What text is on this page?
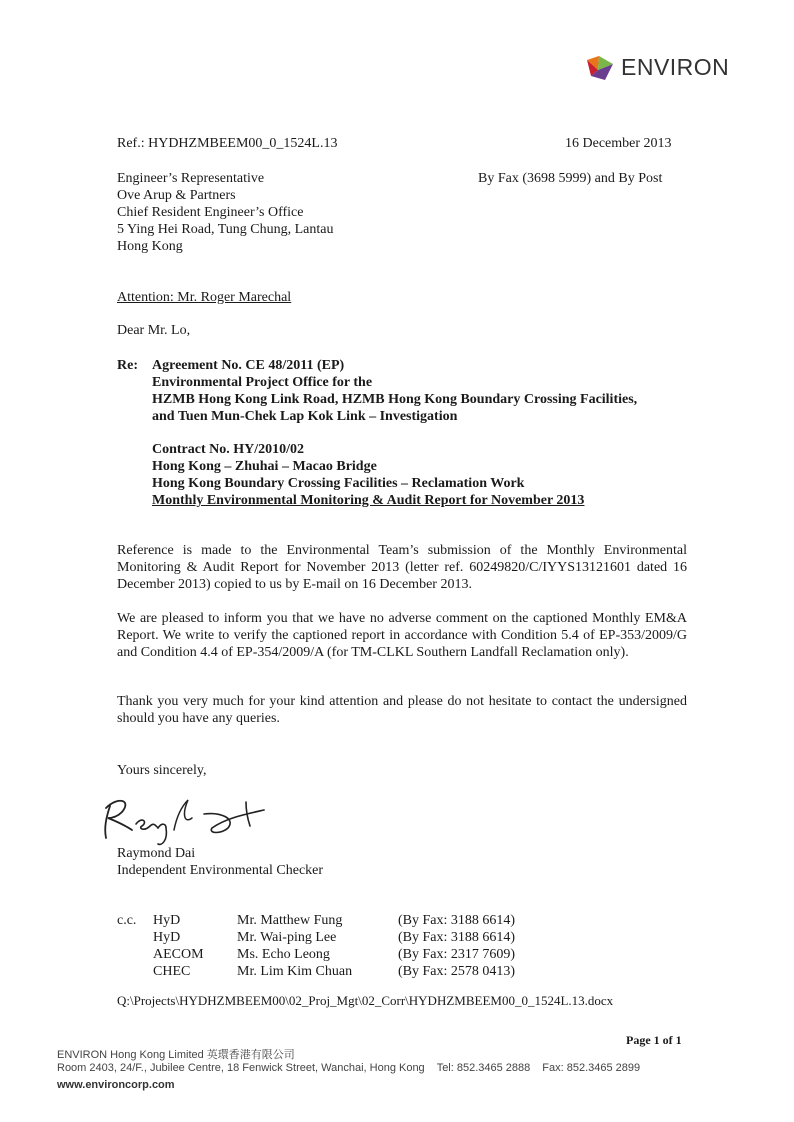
ENVIRON
Ref.: HYDHZMBEEM00_0_1524L.13	16 December 2013
Engineer’s Representative
Ove Arup & Partners
Chief Resident Engineer’s Office
5 Ying Hei Road, Tung Chung, Lantau
Hong Kong
By Fax (3698 5999) and By Post
Attention: Mr. Roger Marechal
Dear Mr. Lo,
Re: Agreement No. CE 48/2011 (EP)
Environmental Project Office for the
HZMB Hong Kong Link Road, HZMB Hong Kong Boundary Crossing Facilities,
and Tuen Mun-Chek Lap Kok Link – Investigation
Contract No. HY/2010/02
Hong Kong – Zhuhai – Macao Bridge
Hong Kong Boundary Crossing Facilities – Reclamation Work
Monthly Environmental Monitoring & Audit Report for November 2013
Reference is made to the Environmental Team’s submission of the Monthly Environmental Monitoring & Audit Report for November 2013 (letter ref. 60249820/C/IYYS13121601 dated 16 December 2013) copied to us by E-mail on 16 December 2013.
We are pleased to inform you that we have no adverse comment on the captioned Monthly EM&A Report. We write to verify the captioned report in accordance with Condition 5.4 of EP-353/2009/G and Condition 4.4 of EP-354/2009/A (for TM-CLKL Southern Landfall Reclamation only).
Thank you very much for your kind attention and please do not hesitate to contact the undersigned should you have any queries.
Yours sincerely,
Raymond Dai
Independent Environmental Checker
c.c. HyD	Mr. Matthew Fung	(By Fax: 3188 6614)
HyD	Mr. Wai-ping Lee	(By Fax: 3188 6614)
AECOM	Ms. Echo Leong	(By Fax: 2317 7609)
CHEC	Mr. Lim Kim Chuan	(By Fax: 2578 0413)
Q:\Projects\HYDHZMBEEM00\02_Proj_Mgt\02_Corr\HYDHZMBEEM00_0_1524L.13.docx
Page 1 of 1
ENVIRON Hong Kong Limited 英環香港有限公司
Room 2403, 24/F., Jubilee Centre, 18 Fenwick Street, Wanchai, Hong Kong Tel: 852.3465 2888 Fax: 852.3465 2899
www.environcorp.com
